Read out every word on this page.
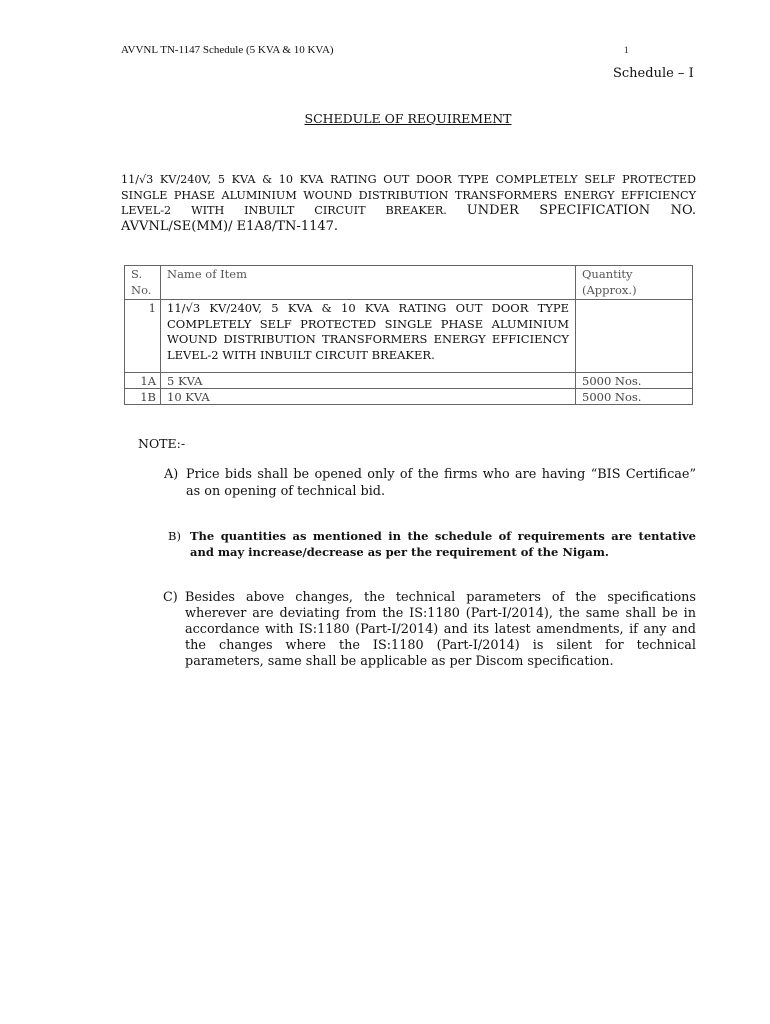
AVVNL TN-1147 Schedule (5 KVA & 10 KVA)	1
Schedule – I
SCHEDULE OF REQUIREMENT
11/√3 KV/240V, 5 KVA & 10 KVA RATING OUT DOOR TYPE COMPLETELY SELF PROTECTED SINGLE PHASE ALUMINIUM WOUND DISTRIBUTION TRANSFORMERS ENERGY EFFICIENCY LEVEL-2 WITH INBUILT CIRCUIT BREAKER. UNDER SPECIFICATION NO. AVVNL/SE(MM)/ E1A8/TN-1147.
S. No.	Name of Item	Quantity (Approx.)
1	11/√3 KV/240V, 5 KVA & 10 KVA RATING OUT DOOR TYPE COMPLETELY SELF PROTECTED SINGLE PHASE ALUMINIUM WOUND DISTRIBUTION TRANSFORMERS ENERGY EFFICIENCY LEVEL-2 WITH INBUILT CIRCUIT BREAKER.	
1A	5 KVA	5000 Nos.
1B	10 KVA	5000 Nos.
NOTE:-
A) Price bids shall be opened only of the firms who are having “BIS Certificae” as on opening of technical bid.
B) The quantities as mentioned in the schedule of requirements are tentative and may increase/decrease as per the requirement of the Nigam.
C) Besides above changes, the technical parameters of the specifications wherever are deviating from the IS:1180 (Part-I/2014), the same shall be in accordance with IS:1180 (Part-I/2014) and its latest amendments, if any and the changes where the IS:1180 (Part-I/2014) is silent for technical parameters, same shall be applicable as per Discom specification.
